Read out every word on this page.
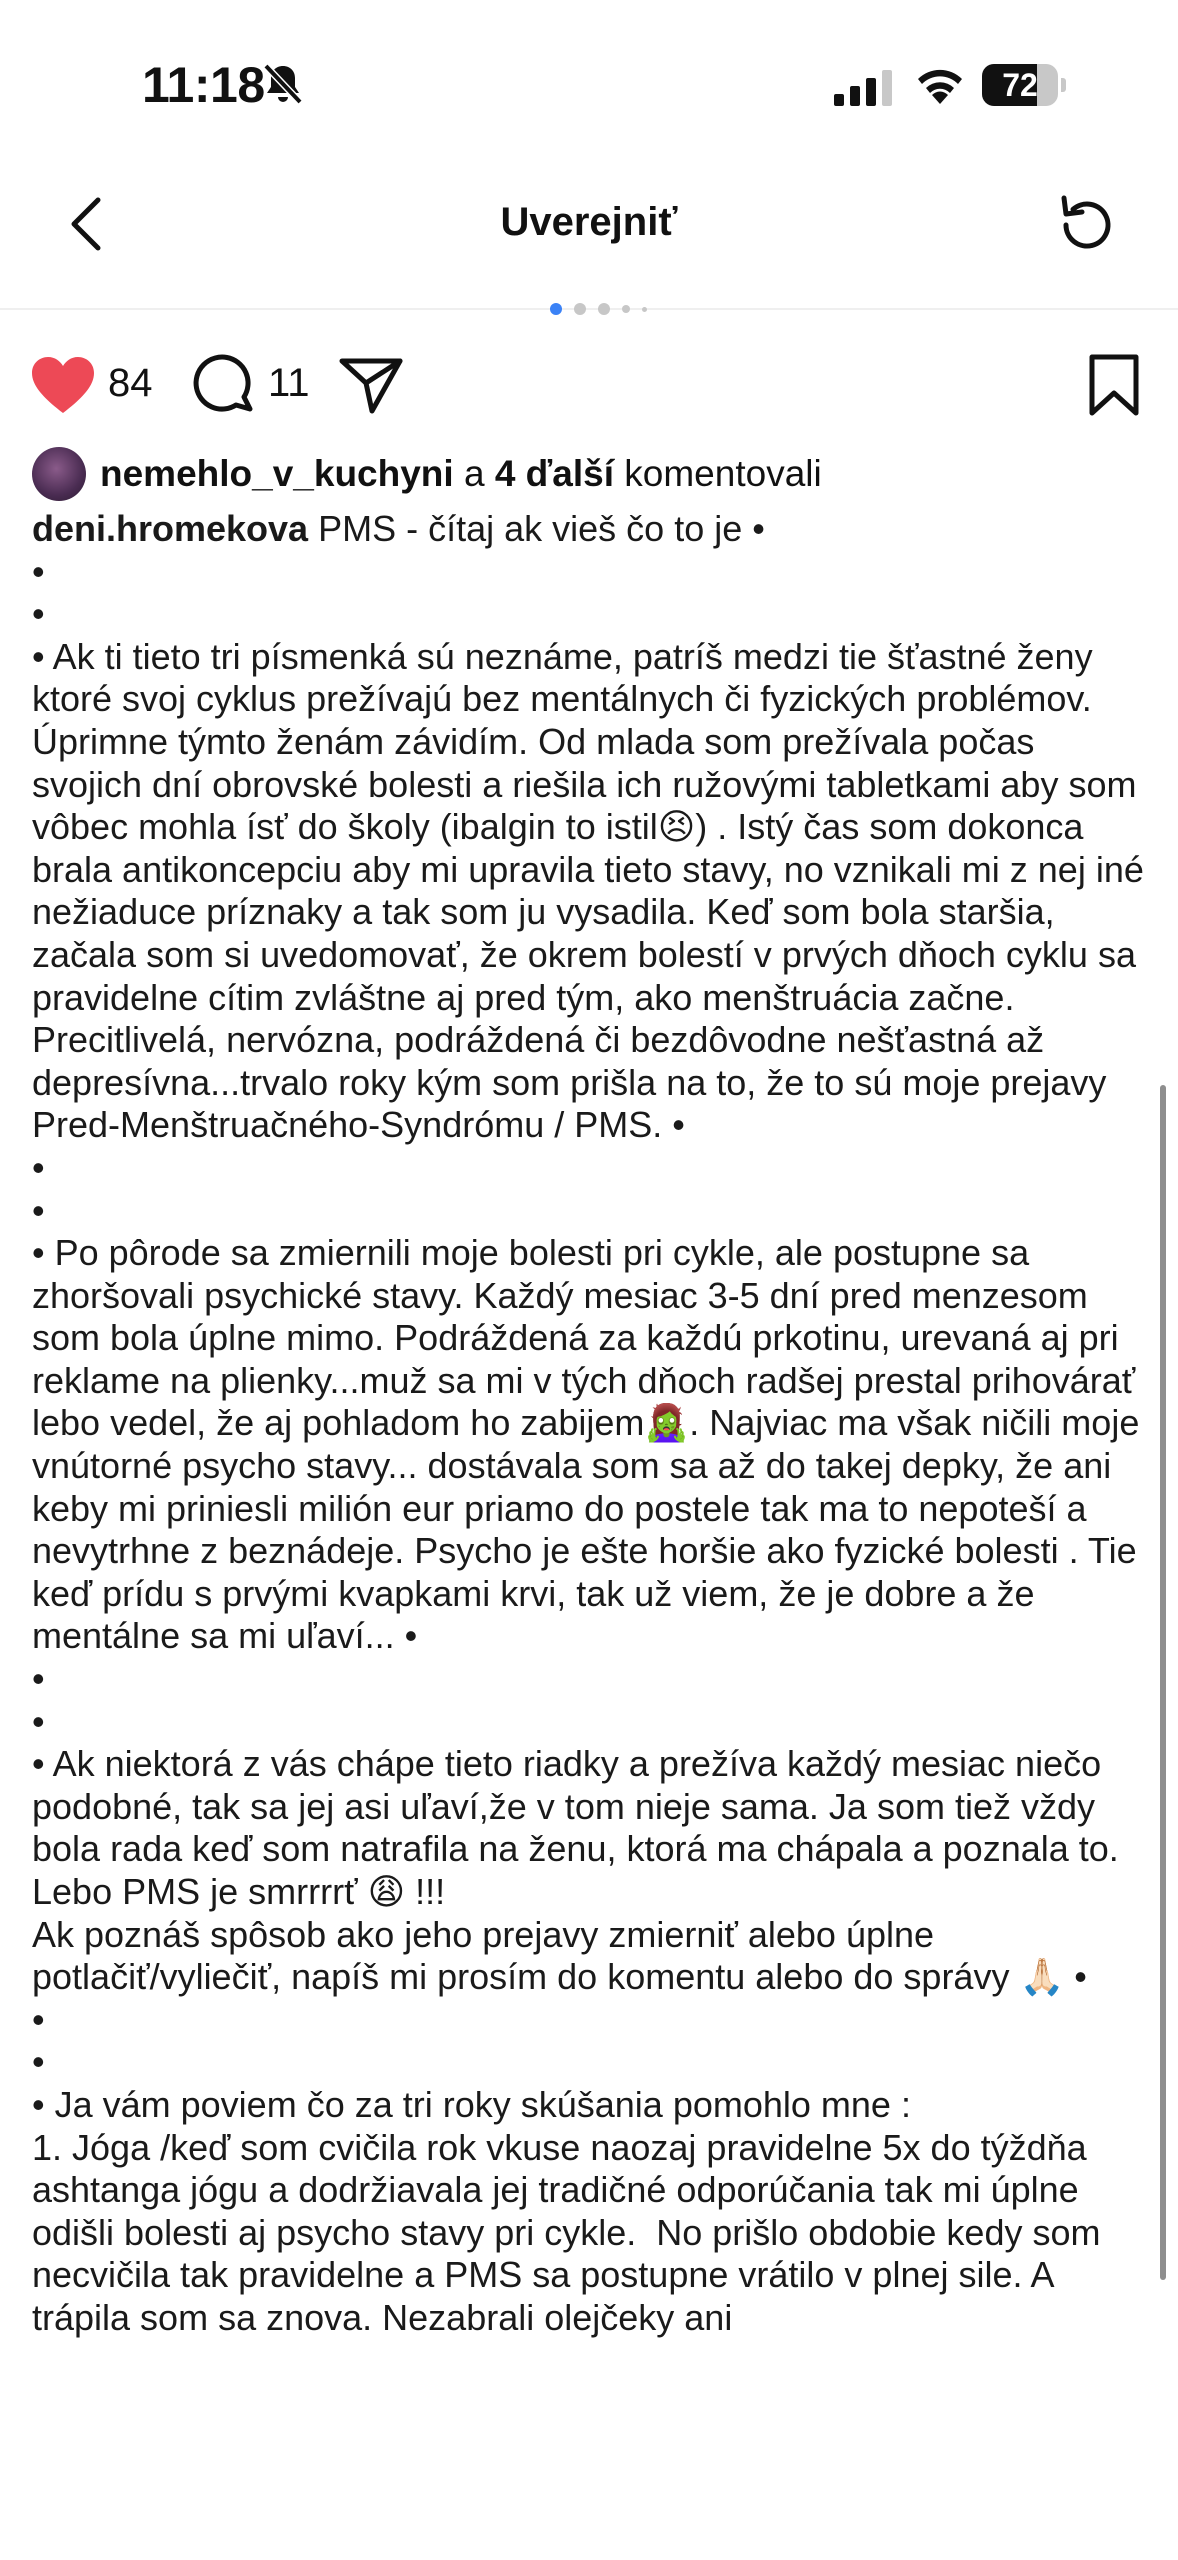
11:18	72
Uverejniť
84	11
nemehlo_v_kuchyni
a
4 ďalší
komentovali
deni.hromekova PMS - čítaj ak vieš čo to je •
•
•
• Ak ti tieto tri písmenká sú neznáme, patríš medzi tie šťastné ženy ktoré svoj cyklus prežívajú bez mentálnych či fyzických problémov. Úprimne týmto ženám závidím. Od mlada som prežívala počas svojich dní obrovské bolesti a riešila ich ružovými tabletkami aby som vôbec mohla ísť do školy (ibalgin to istil😣) . Istý čas som dokonca brala antikoncepciu aby mi upravila tieto stavy, no vznikali mi z nej iné nežiaduce príznaky a tak som ju vysadila. Keď som bola staršia, začala som si uvedomovať, že okrem bolestí v prvých dňoch cyklu sa pravidelne cítim zvláštne aj pred tým, ako menštruácia začne. Precitlivelá, nervózna, podráždená či bezdôvodne nešťastná až depresívna...trvalo roky kým som prišla na to, že to sú moje prejavy Pred-Menštruačného-Syndrómu / PMS. •
•
•
• Po pôrode sa zmiernili moje bolesti pri cykle, ale postupne sa zhoršovali psychické stavy. Každý mesiac 3-5 dní pred menzesom som bola úplne mimo. Podráždená za každú prkotinu, urevaná aj pri reklame na plienky...muž sa mi v tých dňoch radšej prestal prihovárať lebo vedel, že aj pohladom ho zabijem🧟‍♀️. Najviac ma však ničili moje vnútorné psycho stavy... dostávala som sa až do takej depky, že ani keby mi priniesli milión eur priamo do postele tak ma to nepoteší a nevytrhne z beznádeje. Psycho je ešte horšie ako fyzické bolesti . Tie keď prídu s prvými kvapkami krvi, tak už viem, že je dobre a že mentálne sa mi uľaví... •
•
•
• Ak niektorá z vás chápe tieto riadky a prežíva každý mesiac niečo podobné, tak sa jej asi uľaví,že v tom nieje sama. Ja som tiež vždy bola rada keď som natrafila na ženu, ktorá ma chápala a poznala to. Lebo PMS je smrrrrť 😩 !!!
Ak poznáš spôsob ako jeho prejavy zmierniť alebo úplne potlačiť/vyliečiť, napíš mi prosím do komentu alebo do správy 🙏🏻 •
•
•
• Ja vám poviem čo za tri roky skúšania pomohlo mne :
1. Jóga /keď som cvičila rok vkuse naozaj pravidelne 5x do týždňa ashtanga jógu a dodržiavala jej tradičné odporúčania tak mi úplne odišli bolesti aj psycho stavy pri cykle.  No prišlo obdobie kedy som necvičila tak pravidelne a PMS sa postupne vrátilo v plnej sile. A trápila som sa znova. Nezabrali olejčeky ani
